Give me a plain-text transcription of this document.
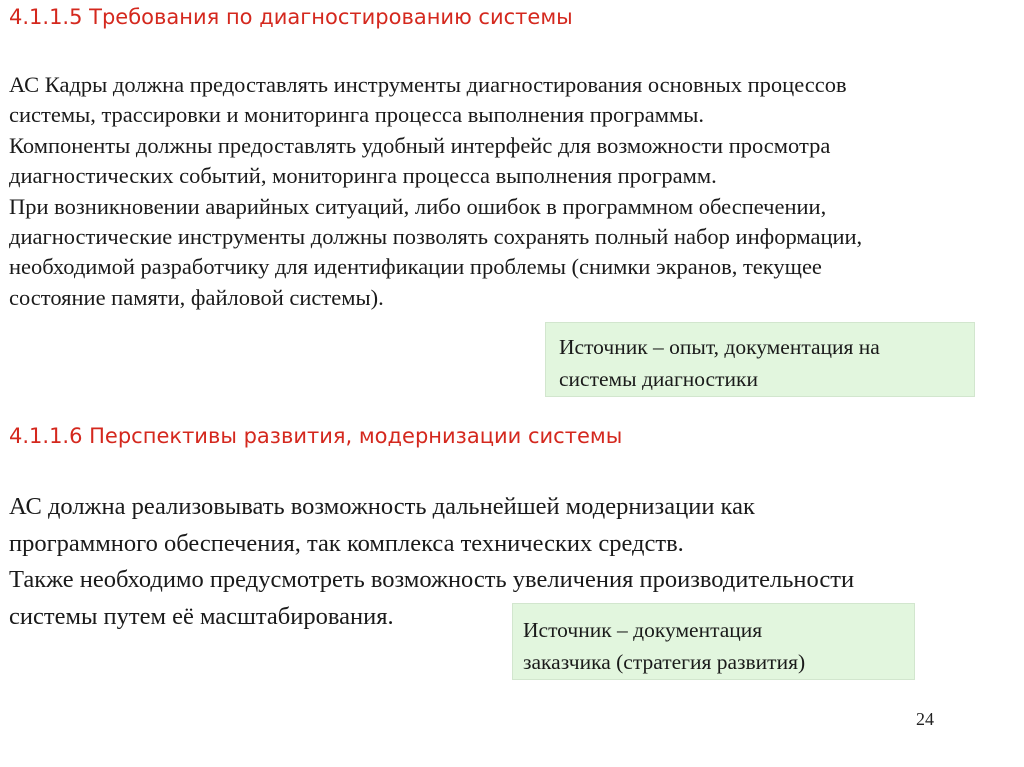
4.1.1.5 Требования по диагностированию системы

АС Кадры должна предоставлять инструменты диагностирования основных процессов
системы, трассировки и мониторинга процесса выполнения программы.
Компоненты должны предоставлять удобный интерфейс для возможности просмотра
диагностических событий, мониторинга процесса выполнения программ.
При возникновении аварийных ситуаций, либо ошибок в программном обеспечении,
диагностические инструменты должны позволять сохранять полный набор информации,
необходимой разработчику для идентификации проблемы (снимки экранов, текущее
состояние памяти, файловой системы).

Источник – опыт, документация на
системы диагностики
4.1.1.6 Перспективы развития, модернизации системы

АС должна реализовывать возможность дальнейшей модернизации как
программного обеспечения, так комплекса технических средств.
Также необходимо предусмотреть возможность увеличения производительности
системы путем её масштабирования.

Источник – документация
заказчика (стратегия развития)
24
